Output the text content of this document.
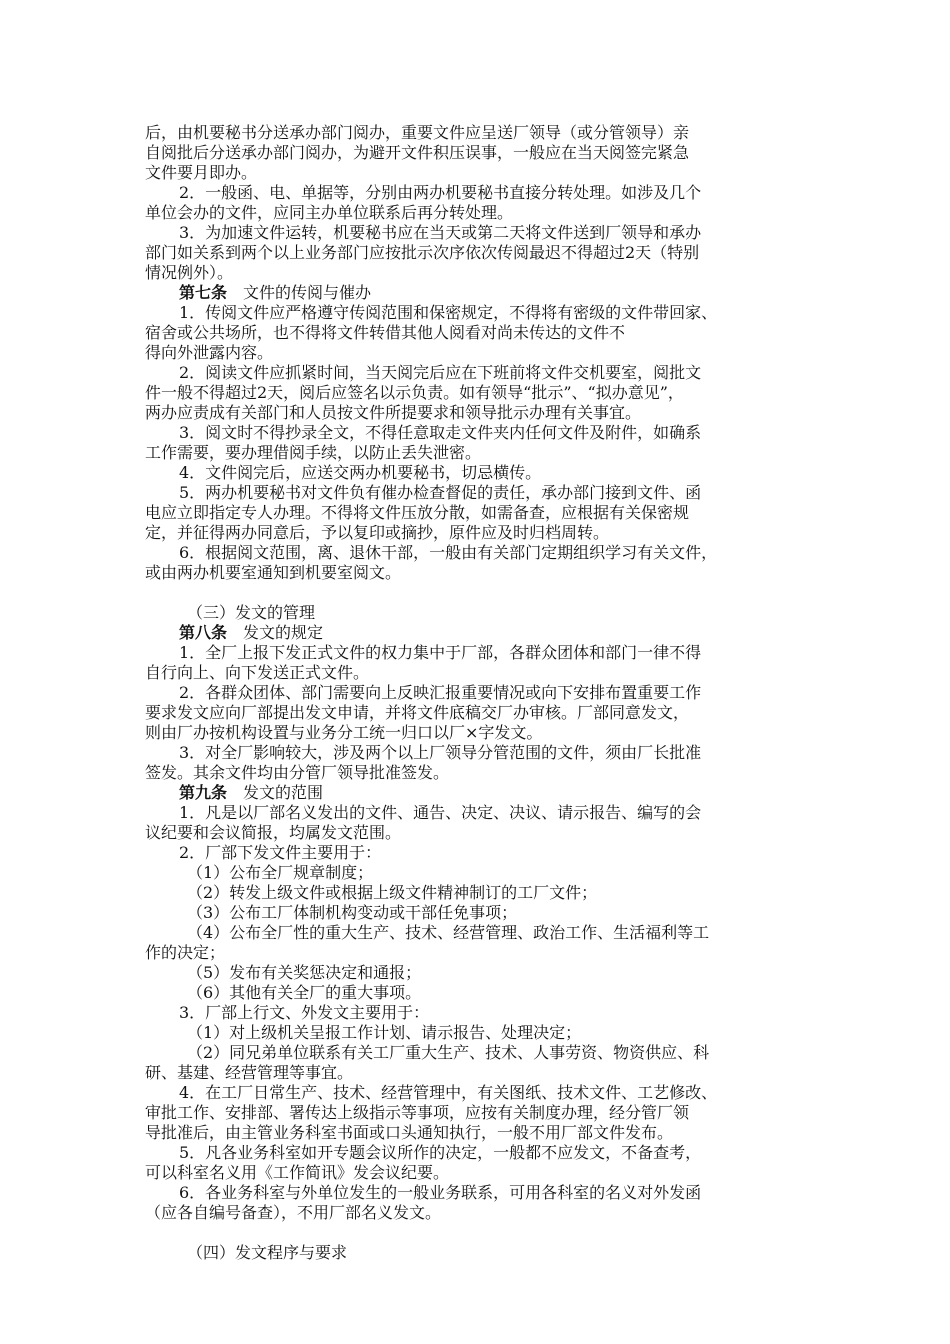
后，由机要秘书分送承办部门阅办，重要文件应呈送厂领导（或分管领导）亲
自阅批后分送承办部门阅办，为避开文件积压误事，一般应在当天阅签完紧急
文件要月即办。
2．一般函、电、单据等，分别由两办机要秘书直接分转处理。如涉及几个
单位会办的文件，应同主办单位联系后再分转处理。
3．为加速文件运转，机要秘书应在当天或第二天将文件送到厂领导和承办
部门如关系到两个以上业务部门应按批示次序依次传阅最迟不得超过2天（特别
情况例外）。
第七条　文件的传阅与催办
1．传阅文件应严格遵守传阅范围和保密规定，不得将有密级的文件带回家、
宿舍或公共场所，也不得将文件转借其他人阅看对尚未传达的文件不
得向外泄露内容。
2．阅读文件应抓紧时间，当天阅完后应在下班前将文件交机要室，阅批文
件一般不得超过2天，阅后应签名以示负责。如有领导“批示”、“拟办意见”，
两办应责成有关部门和人员按文件所提要求和领导批示办理有关事宜。
3．阅文时不得抄录全文，不得任意取走文件夹内任何文件及附件，如确系
工作需要，要办理借阅手续，以防止丢失泄密。
4．文件阅完后，应送交两办机要秘书，切忌横传。
5．两办机要秘书对文件负有催办检查督促的责任，承办部门接到文件、函
电应立即指定专人办理。不得将文件压放分散，如需备查，应根据有关保密规
定，并征得两办同意后，予以复印或摘抄，原件应及时归档周转。
6．根据阅文范围，离、退休干部，一般由有关部门定期组织学习有关文件，
或由两办机要室通知到机要室阅文。
（三）发文的管理
第八条　发文的规定
1．全厂上报下发正式文件的权力集中于厂部，各群众团体和部门一律不得
自行向上、向下发送正式文件。
2．各群众团体、部门需要向上反映汇报重要情况或向下安排布置重要工作
要求发文应向厂部提出发文申请，并将文件底稿交厂办审核。厂部同意发文，
则由厂办按机构设置与业务分工统一归口以厂×字发文。
3．对全厂影响较大，涉及两个以上厂领导分管范围的文件，须由厂长批准
签发。其余文件均由分管厂领导批准签发。
第九条　发文的范围
1．凡是以厂部名义发出的文件、通告、决定、决议、请示报告、编写的会
议纪要和会议简报，均属发文范围。
2．厂部下发文件主要用于：
（1）公布全厂规章制度；
（2）转发上级文件或根据上级文件精神制订的工厂文件；
（3）公布工厂体制机构变动或干部任免事项；
（4）公布全厂性的重大生产、技术、经营管理、政治工作、生活福利等工
作的决定；
（5）发布有关奖惩决定和通报；
（6）其他有关全厂的重大事项。
3．厂部上行文、外发文主要用于：
（1）对上级机关呈报工作计划、请示报告、处理决定；
（2）同兄弟单位联系有关工厂重大生产、技术、人事劳资、物资供应、科
研、基建、经营管理等事宜。
4．在工厂日常生产、技术、经营管理中，有关图纸、技术文件、工艺修改、
审批工作、安排部、署传达上级指示等事项，应按有关制度办理，经分管厂领
导批准后，由主管业务科室书面或口头通知执行，一般不用厂部文件发布。
5．凡各业务科室如开专题会议所作的决定，一般都不应发文，不备查考，
可以科室名义用《工作简讯》发会议纪要。
6．各业务科室与外单位发生的一般业务联系，可用各科室的名义对外发函
（应各自编号备查），不用厂部名义发文。
（四）发文程序与要求
